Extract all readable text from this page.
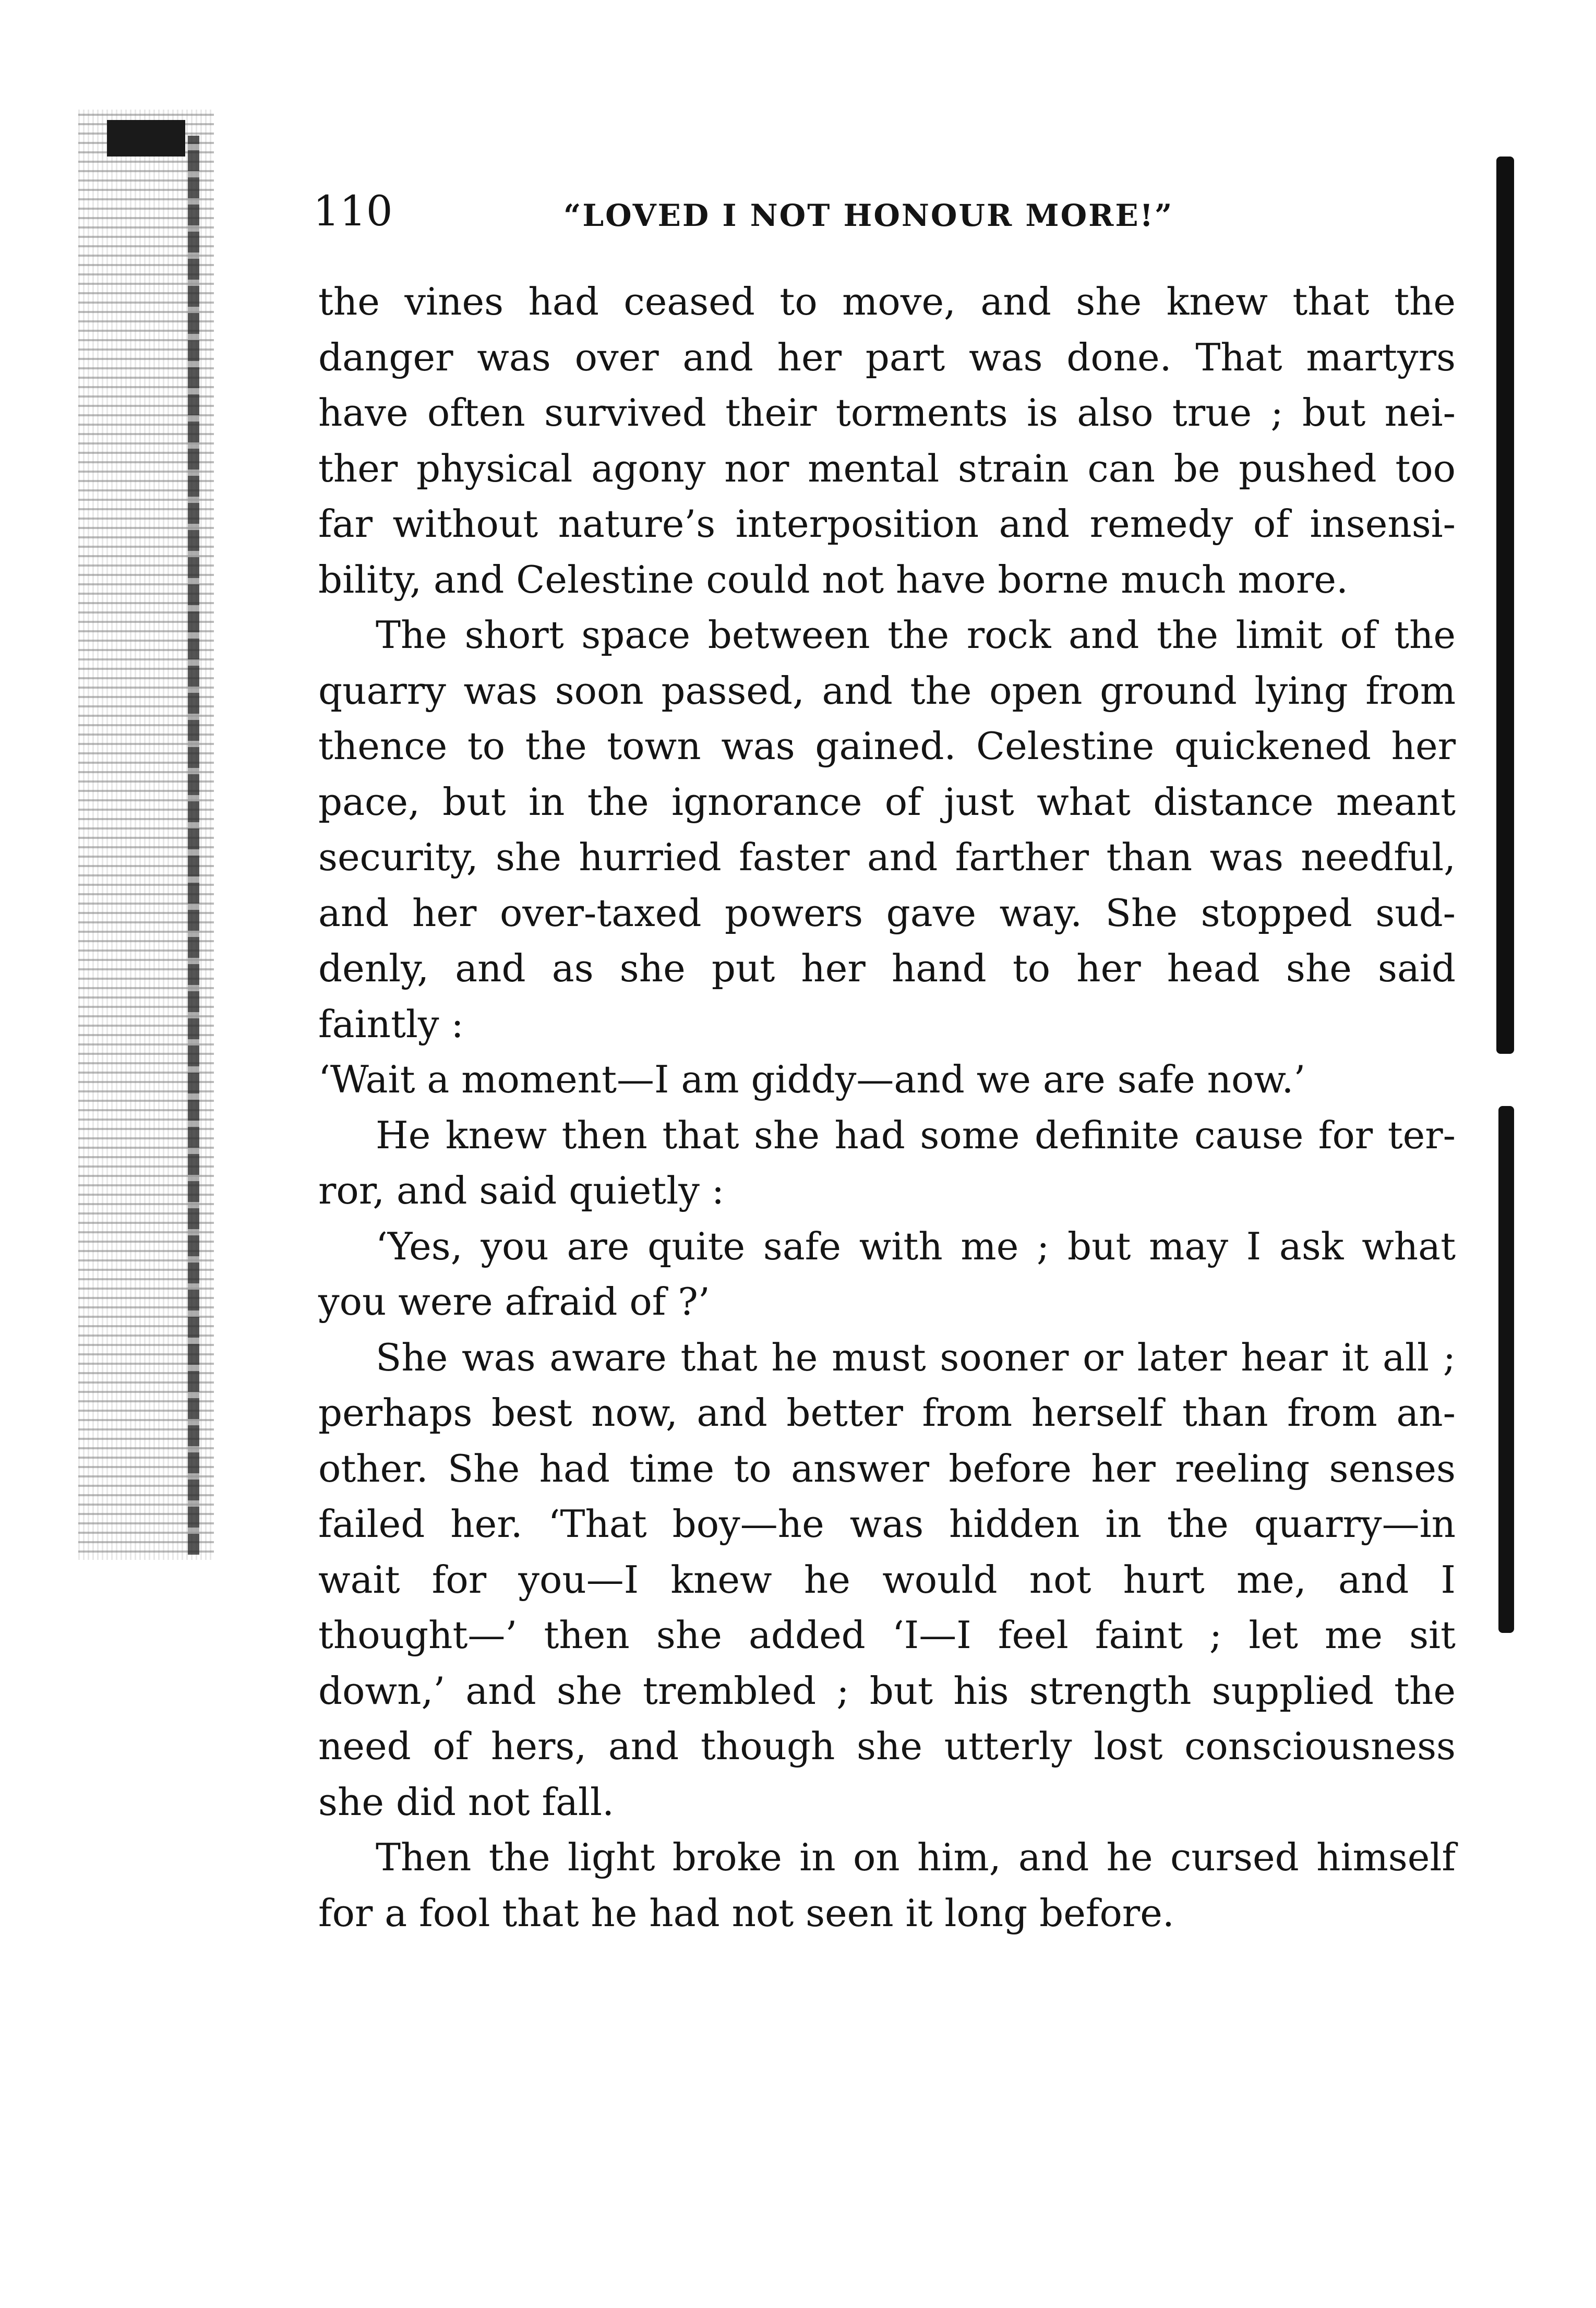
110	“LOVED I NOT HONOUR MORE!”
the vines had ceased to move, and she knew that the
danger was over and her part was done. That martyrs
have often survived their torments is also true ; but nei-
ther physical agony nor mental strain can be pushed too
far without nature’s interposition and remedy of insensi-
bility, and Celestine could not have borne much more.
The short space between the rock and the limit of the
quarry was soon passed, and the open ground lying from
thence to the town was gained. Celestine quickened her
pace, but in the ignorance of just what distance meant
security, she hurried faster and farther than was needful,
and her over-taxed powers gave way. She stopped sud-
denly, and as she put her hand to her head she said
faintly :
‘Wait a moment—I am giddy—and we are safe now.’
He knew then that she had some definite cause for ter-
ror, and said quietly :
‘Yes, you are quite safe with me ; but may I ask what
you were afraid of ?’
She was aware that he must sooner or later hear it all ;
perhaps best now, and better from herself than from an-
other. She had time to answer before her reeling senses
failed her. ‘That boy—he was hidden in the quarry—in
wait for you—I knew he would not hurt me, and I
thought—’ then she added ‘I—I feel faint ; let me sit
down,’ and she trembled ; but his strength supplied the
need of hers, and though she utterly lost consciousness
she did not fall.
Then the light broke in on him, and he cursed himself
for a fool that he had not seen it long before.
